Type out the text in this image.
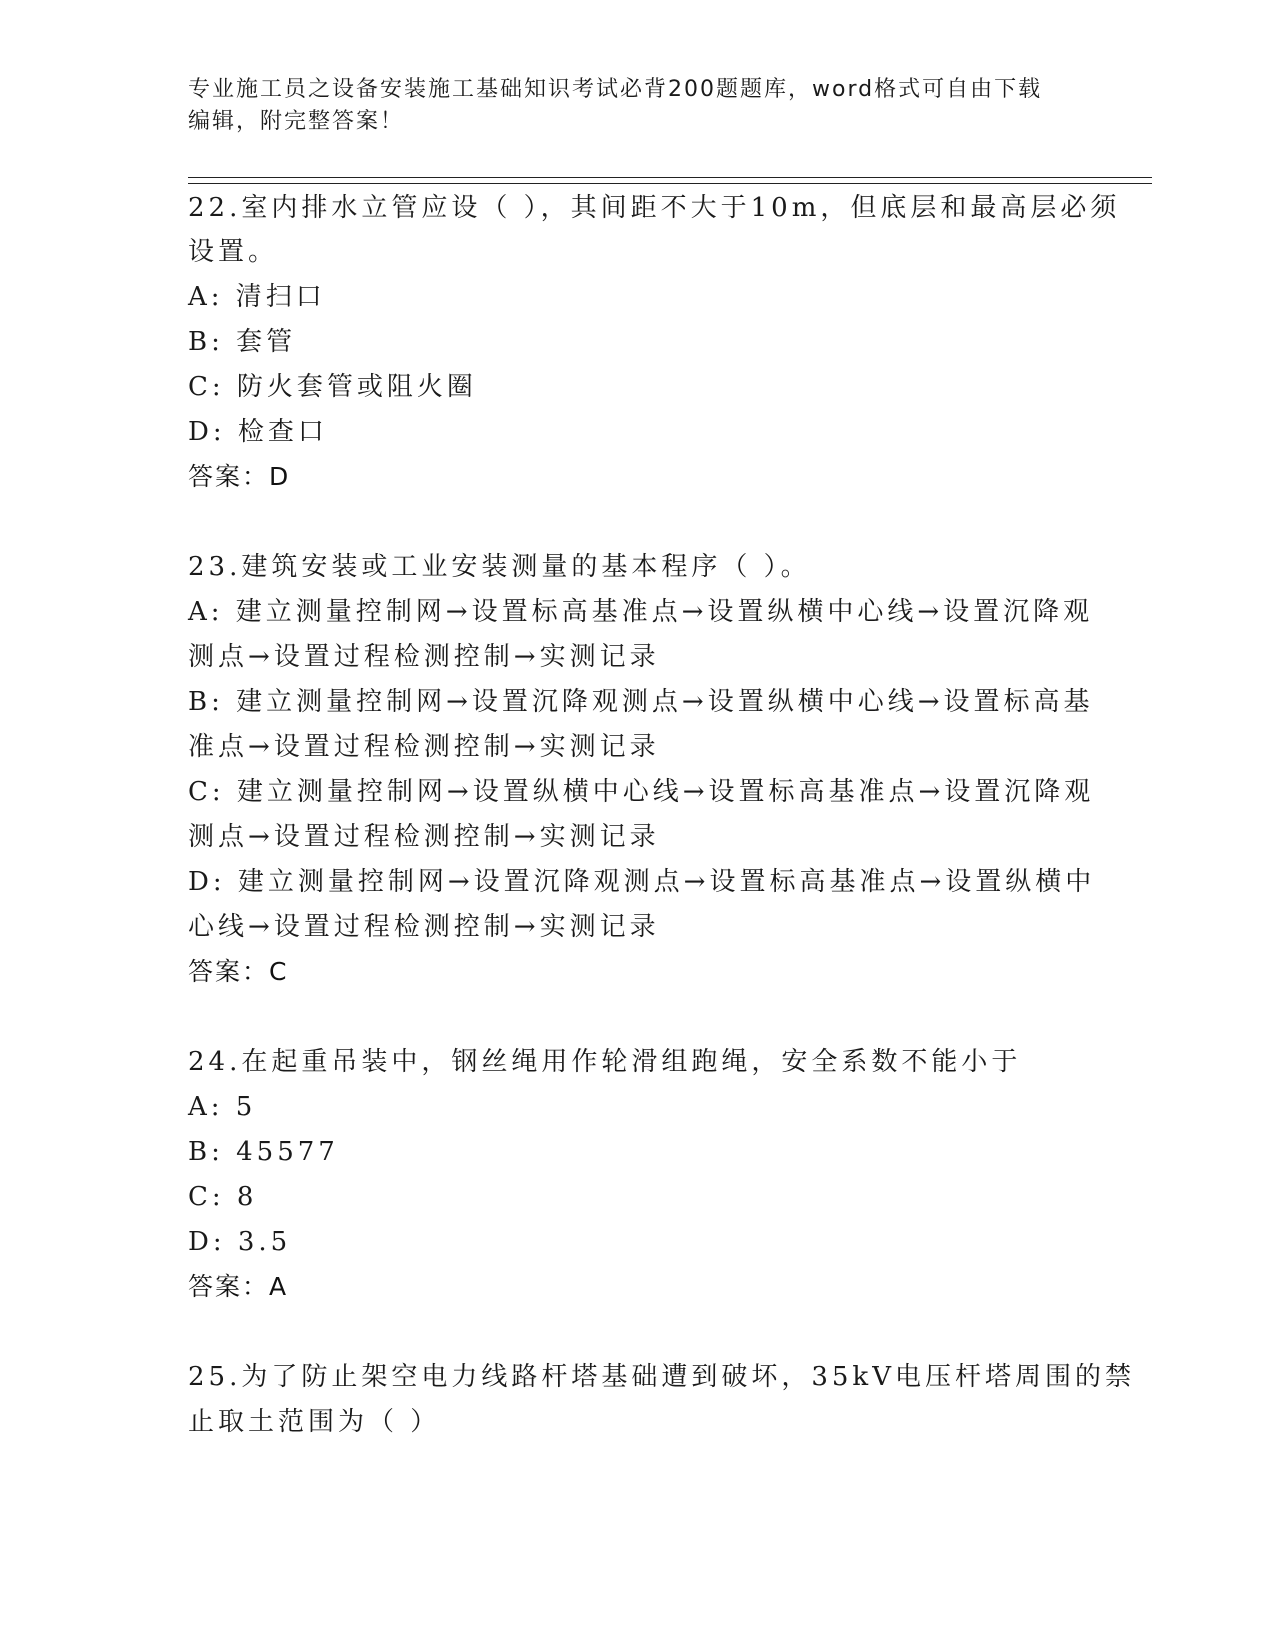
专业施工员之设备安装施工基础知识考试必背200题题库，word格式可自由下载
编辑，附完整答案！
22.室内排水立管应设（ ），其间距不大于10m，但底层和最高层必须
设置。
A: 清扫口
B: 套管
C: 防火套管或阻火圈
D: 检查口
答案：D
23.建筑安装或工业安装测量的基本程序（ ）。
A: 建立测量控制网→设置标高基准点→设置纵横中心线→设置沉降观
测点→设置过程检测控制→实测记录
B: 建立测量控制网→设置沉降观测点→设置纵横中心线→设置标高基
准点→设置过程检测控制→实测记录
C: 建立测量控制网→设置纵横中心线→设置标高基准点→设置沉降观
测点→设置过程检测控制→实测记录
D: 建立测量控制网→设置沉降观测点→设置标高基准点→设置纵横中
心线→设置过程检测控制→实测记录
答案：C
24.在起重吊装中，钢丝绳用作轮滑组跑绳，安全系数不能小于
A: 5
B: 45577
C: 8
D: 3.5
答案：A
25.为了防止架空电力线路杆塔基础遭到破坏，35kV电压杆塔周围的禁
止取土范围为（ ）
